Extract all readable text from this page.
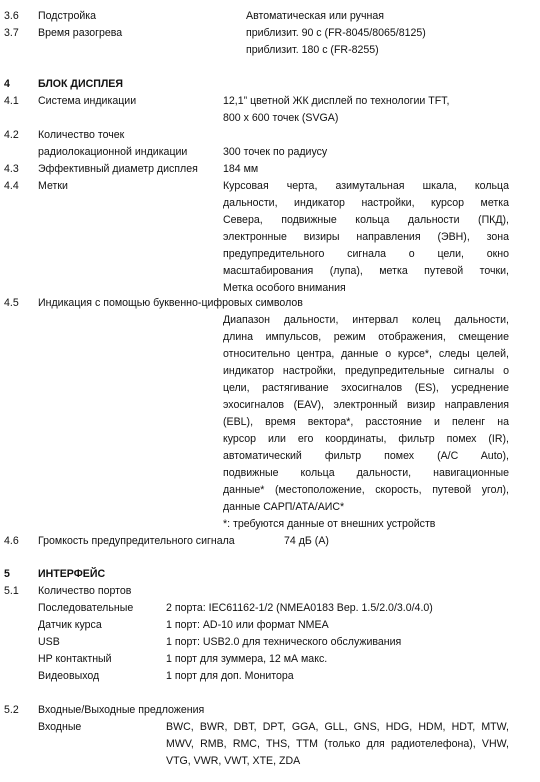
3.6 Подстройка	Автоматическая или ручная
3.7 Время разогрева	приблизит. 90 с (FR-8045/8065/8125)
приблизит. 180 с (FR-8255)
4	БЛОК ДИСПЛЕЯ
4.1 Система индикации	12,1” цветной ЖК дисплей по технологии TFT,
800 x 600 точек (SVGA)
4.2 Количество точек
радиолокационной индикации	300 точек по радиусу
4.3 Эффективный диаметр дисплея 184 мм
4.4 Метки	Курсовая черта, азимутальная шкала, кольца
дальности, индикатор настройки, курсор метка
Севера, подвижные кольца дальности (ПКД),
электронные визиры направления (ЭВН), зона
предупредительного сигнала о цели, окно
масштабирования (лупа), метка путевой точки,
Метка особого внимания
4.5 Индикация с помощью буквенно-цифровых символов
Диапазон дальности, интервал колец дальности,
длина импульсов, режим отображения, смещение
относительно центра, данные о курсе*, следы целей,
индикатор настройки, предупредительные сигналы о
цели, растягивание эхосигналов (ES), усреднение
эхосигналов (EAV), электронный визир направления
(EBL), время вектора*, расстояние и пеленг на
курсор или его координаты, фильтр помех (IR),
автоматический фильтр помех (A/C Auto),
подвижные кольца дальности, навигационные
данные* (местоположение, скорость, путевой угол),
данные САРП/АТА/АИС*
*: требуются данные от внешних устройств
4.6 Громкость предупредительного сигнала	74 дБ (А)
5	ИНТЕРФЕЙС
5.1 Количество портов
Последовательные	2 порта: IEC61162-1/2 (NMEA0183 Вер. 1.5/2.0/3.0/4.0)
Датчик курса	1 порт: AD-10 или формат NMEA
USB	1 порт: USB2.0 для технического обслуживания
HP контактный	1 порт для зуммера, 12 мА макс.
Видеовыход	1 порт для доп. Монитора
5.2 Входные/Выходные предложения
Входные	BWC, BWR, DBT, DPT, GGA, GLL, GNS, HDG, HDM, HDT, MTW,
MWV, RMB, RMC, THS, TTM (только для радиотелефона), VHW,
VTG, VWR, VWT, XTE, ZDA
